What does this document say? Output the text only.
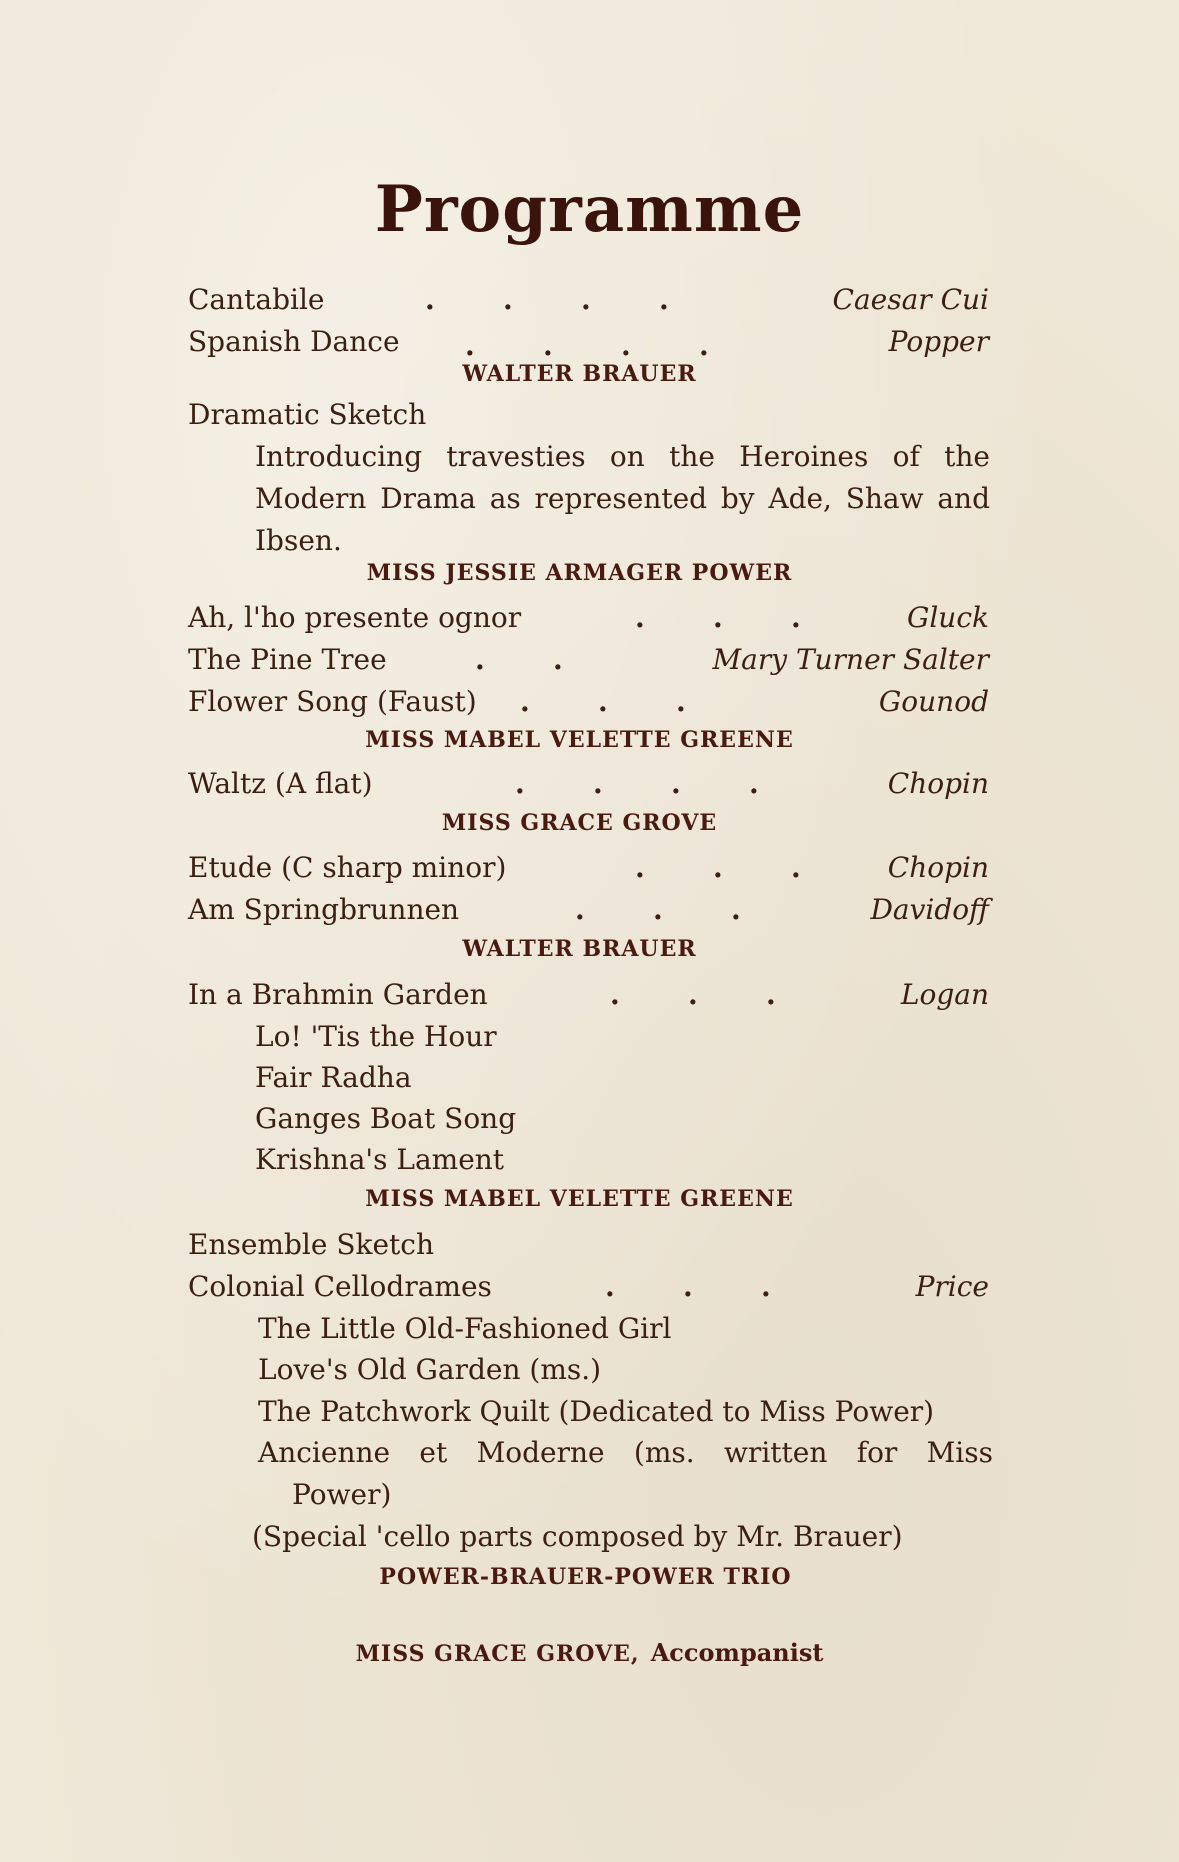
Programme
Cantabile	.       .       .       .	Caesar Cui
Spanish Dance .       .       .       .	Popper
WALTER BRAUER
Dramatic Sketch
Introducing travesties on the Heroines of the Modern Drama as represented by Ade, Shaw and Ibsen.
MISS JESSIE ARMAGER POWER
Ah, l'ho presente ognor	.       .       .	Gluck
The Pine Tree	.       .	Mary Turner Salter
Flower Song (Faust) .       .       .	Gounod
MISS MABEL VELETTE GREENE
Waltz (A flat)	.       .       .       .	Chopin
MISS GRACE GROVE
Etude (C sharp minor)	.       .       .	Chopin
Am Springbrunnen	.       .       .	Davidoff
WALTER BRAUER
In a Brahmin Garden	.       .       .	Logan
Lo! 'Tis the Hour
Fair Radha
Ganges Boat Song
Krishna's Lament
MISS MABEL VELETTE GREENE
Ensemble Sketch
Colonial Cellodrames	.       .       .	Price
The Little Old-Fashioned Girl
Love's Old Garden (ms.)
The Patchwork Quilt (Dedicated to Miss Power)
Ancienne et Moderne (ms. written for Miss
Power)
(Special 'cello parts composed by Mr. Brauer)
POWER-BRAUER-POWER TRIO
MISS GRACE GROVE, Accompanist
